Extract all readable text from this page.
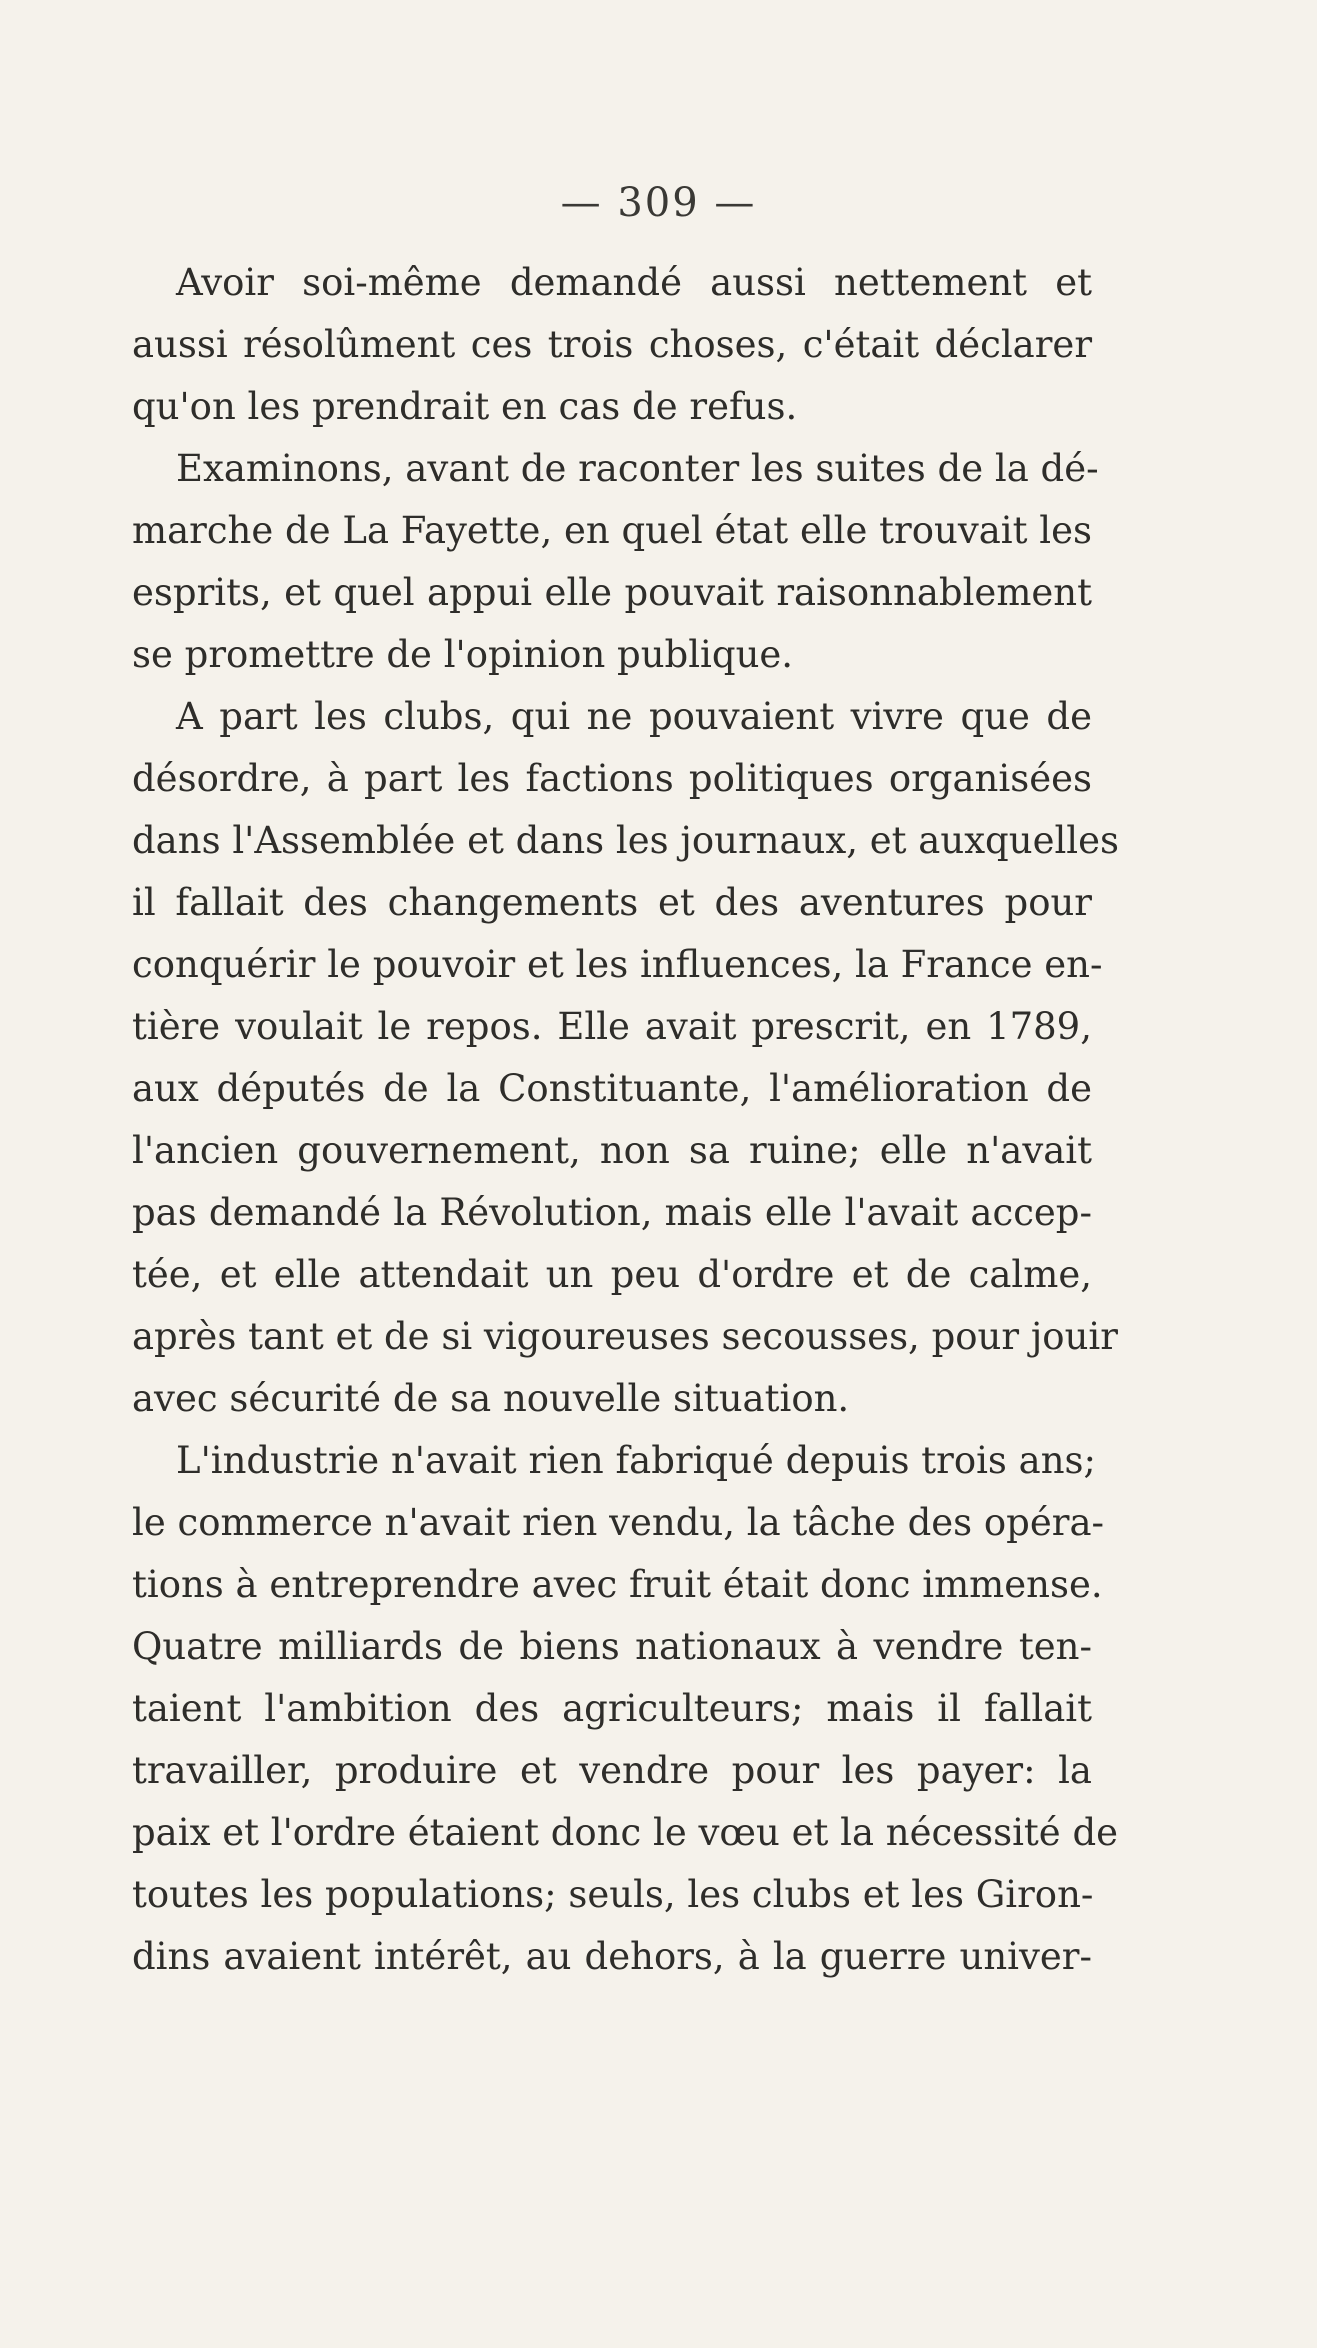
— 309 —
Avoir soi-même demandé aussi nettement et
aussi résolûment ces trois choses, c'était déclarer
qu'on les prendrait en cas de refus.
Examinons, avant de raconter les suites de la dé-
marche de La Fayette, en quel état elle trouvait les
esprits, et quel appui elle pouvait raisonnablement
se promettre de l'opinion publique.
A part les clubs, qui ne pouvaient vivre que de
désordre, à part les factions politiques organisées
dans l'Assemblée et dans les journaux, et auxquelles
il fallait des changements et des aventures pour
conquérir le pouvoir et les influences, la France en-
tière voulait le repos. Elle avait prescrit, en 1789,
aux députés de la Constituante, l'amélioration de
l'ancien gouvernement, non sa ruine; elle n'avait
pas demandé la Révolution, mais elle l'avait accep-
tée, et elle attendait un peu d'ordre et de calme,
après tant et de si vigoureuses secousses, pour jouir
avec sécurité de sa nouvelle situation.
L'industrie n'avait rien fabriqué depuis trois ans;
le commerce n'avait rien vendu, la tâche des opéra-
tions à entreprendre avec fruit était donc immense.
Quatre milliards de biens nationaux à vendre ten-
taient l'ambition des agriculteurs; mais il fallait
travailler, produire et vendre pour les payer: la
paix et l'ordre étaient donc le vœu et la nécessité de
toutes les populations; seuls, les clubs et les Giron-
dins avaient intérêt, au dehors, à la guerre univer-
